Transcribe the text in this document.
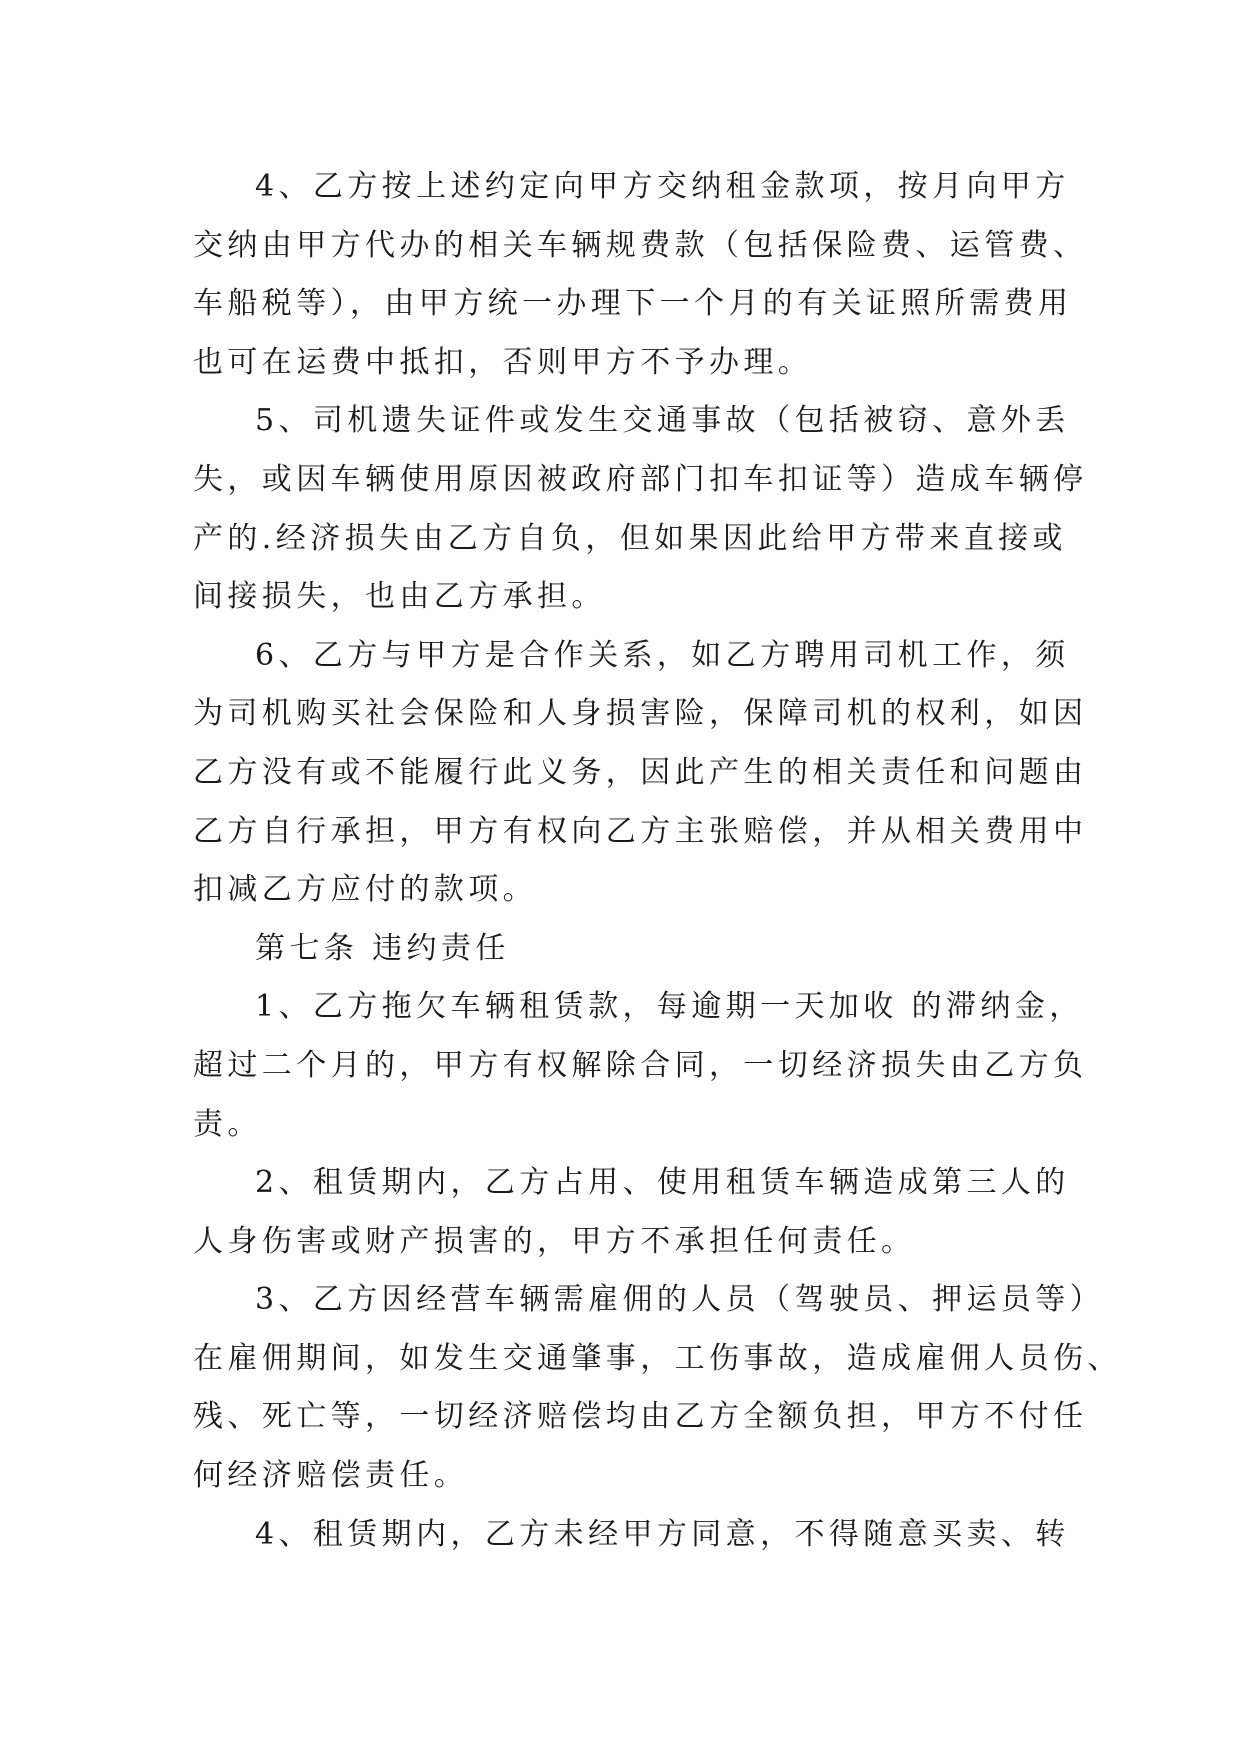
4、乙方按上述约定向甲方交纳租金款项，按月向甲方
交纳由甲方代办的相关车辆规费款（包括保险费、运管费、
车船税等），由甲方统一办理下一个月的有关证照所需费用
也可在运费中抵扣，否则甲方不予办理。
5、司机遗失证件或发生交通事故（包括被窃、意外丢
失，或因车辆使用原因被政府部门扣车扣证等）造成车辆停
产的.经济损失由乙方自负，但如果因此给甲方带来直接或
间接损失，也由乙方承担。
6、乙方与甲方是合作关系，如乙方聘用司机工作，须
为司机购买社会保险和人身损害险，保障司机的权利，如因
乙方没有或不能履行此义务，因此产生的相关责任和问题由
乙方自行承担，甲方有权向乙方主张赔偿，并从相关费用中
扣减乙方应付的款项。
第七条 违约责任
1、乙方拖欠车辆租赁款，每逾期一天加收 的滞纳金，
超过二个月的，甲方有权解除合同，一切经济损失由乙方负
责。
2、租赁期内，乙方占用、使用租赁车辆造成第三人的
人身伤害或财产损害的，甲方不承担任何责任。
3、乙方因经营车辆需雇佣的人员（驾驶员、押运员等）
在雇佣期间，如发生交通肇事，工伤事故，造成雇佣人员伤、
残、死亡等，一切经济赔偿均由乙方全额负担，甲方不付任
何经济赔偿责任。
4、租赁期内，乙方未经甲方同意，不得随意买卖、转
